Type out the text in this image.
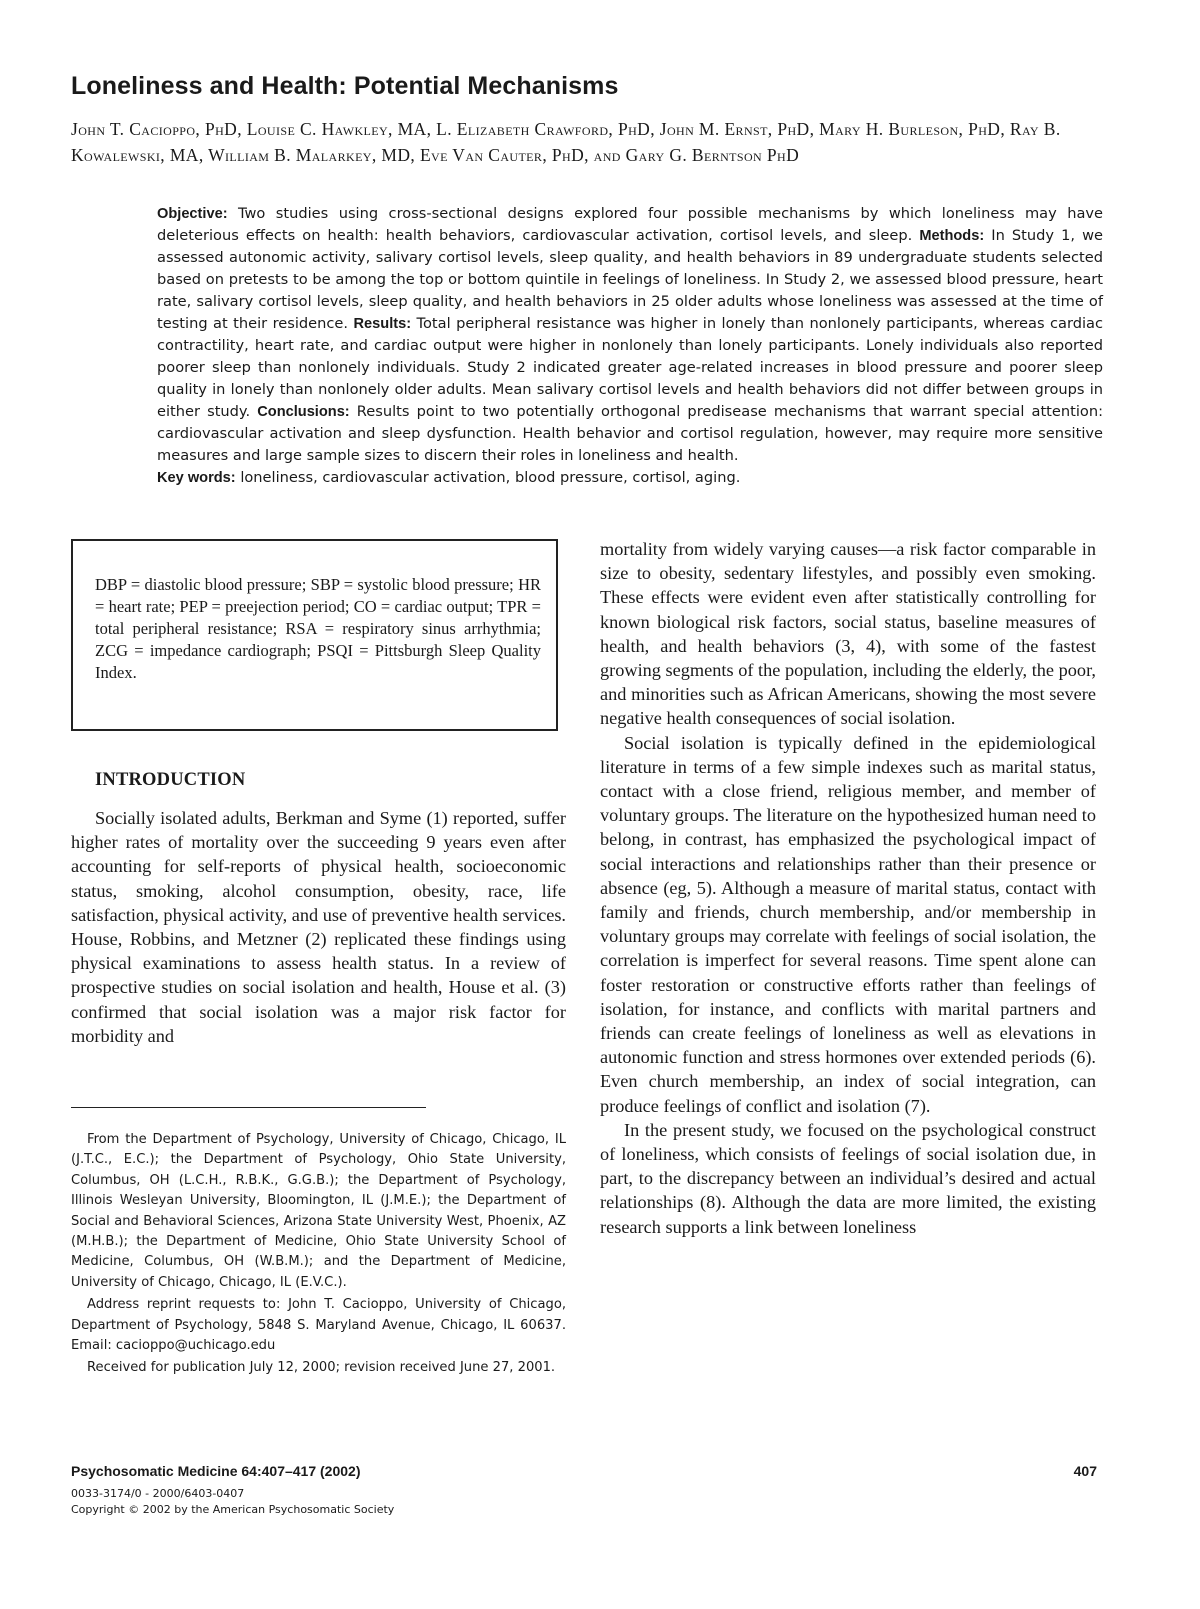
Loneliness and Health: Potential Mechanisms
John T. Cacioppo, PhD, Louise C. Hawkley, MA, L. Elizabeth Crawford, PhD, John M. Ernst, PhD, Mary H. Burleson, PhD, Ray B. Kowalewski, MA, William B. Malarkey, MD, Eve Van Cauter, PhD, and Gary G. Berntson PhD

Objective: Two studies using cross-sectional designs explored four possible mechanisms by which loneliness may have deleterious effects on health: health behaviors, cardiovascular activation, cortisol levels, and sleep. Methods: In Study 1, we assessed autonomic activity, salivary cortisol levels, sleep quality, and health behaviors in 89 undergraduate students selected based on pretests to be among the top or bottom quintile in feelings of loneliness. In Study 2, we assessed blood pressure, heart rate, salivary cortisol levels, sleep quality, and health behaviors in 25 older adults whose loneliness was assessed at the time of testing at their residence. Results: Total peripheral resistance was higher in lonely than nonlonely participants, whereas cardiac contractility, heart rate, and cardiac output were higher in nonlonely than lonely participants. Lonely individuals also reported poorer sleep than nonlonely individuals. Study 2 indicated greater age-related increases in blood pressure and poorer sleep quality in lonely than nonlonely older adults. Mean salivary cortisol levels and health behaviors did not differ between groups in either study. Conclusions: Results point to two potentially orthogonal predisease mechanisms that warrant special attention: cardiovascular activation and sleep dysfunction. Health behavior and cortisol regulation, however, may require more sensitive measures and large sample sizes to discern their roles in loneliness and health.

Key words: loneliness, cardiovascular activation, blood pressure, cortisol, aging.

DBP = diastolic blood pressure; SBP = systolic blood pressure; HR = heart rate; PEP = preejection period; CO = cardiac output; TPR = total peripheral resistance; RSA = respiratory sinus arrhythmia; ZCG = impedance cardiograph; PSQI = Pittsburgh Sleep Quality Index.

INTRODUCTION

Socially isolated adults, Berkman and Syme (1) reported, suffer higher rates of mortality over the succeeding 9 years even after accounting for self-reports of physical health, socioeconomic status, smoking, alcohol consumption, obesity, race, life satisfaction, physical activity, and use of preventive health services. House, Robbins, and Metzner (2) replicated these findings using physical examinations to assess health status. In a review of prospective studies on social isolation and health, House et al. (3) confirmed that social isolation was a major risk factor for morbidity and

From the Department of Psychology, University of Chicago, Chicago, IL (J.T.C., E.C.); the Department of Psychology, Ohio State University, Columbus, OH (L.C.H., R.B.K., G.G.B.); the Department of Psychology, Illinois Wesleyan University, Bloomington, IL (J.M.E.); the Department of Social and Behavioral Sciences, Arizona State University West, Phoenix, AZ (M.H.B.); the Department of Medicine, Ohio State University School of Medicine, Columbus, OH (W.B.M.); and the Department of Medicine, University of Chicago, Chicago, IL (E.V.C.).

Address reprint requests to: John T. Cacioppo, University of Chicago, Department of Psychology, 5848 S. Maryland Avenue, Chicago, IL 60637. Email: cacioppo@uchicago.edu

Received for publication July 12, 2000; revision received June 27, 2001.

mortality from widely varying causes—a risk factor comparable in size to obesity, sedentary lifestyles, and possibly even smoking. These effects were evident even after statistically controlling for known biological risk factors, social status, baseline measures of health, and health behaviors (3, 4), with some of the fastest growing segments of the population, including the elderly, the poor, and minorities such as African Americans, showing the most severe negative health consequences of social isolation.

Social isolation is typically defined in the epidemiological literature in terms of a few simple indexes such as marital status, contact with a close friend, religious member, and member of voluntary groups. The literature on the hypothesized human need to belong, in contrast, has emphasized the psychological impact of social interactions and relationships rather than their presence or absence (eg, 5). Although a measure of marital status, contact with family and friends, church membership, and/or membership in voluntary groups may correlate with feelings of social isolation, the correlation is imperfect for several reasons. Time spent alone can foster restoration or constructive efforts rather than feelings of isolation, for instance, and conflicts with marital partners and friends can create feelings of loneliness as well as elevations in autonomic function and stress hormones over extended periods (6). Even church membership, an index of social integration, can produce feelings of conflict and isolation (7).

In the present study, we focused on the psychological construct of loneliness, which consists of feelings of social isolation due, in part, to the discrepancy between an individual’s desired and actual relationships (8). Although the data are more limited, the existing research supports a link between loneliness

Psychosomatic Medicine 64:407–417 (2002)	407
0033-3174/0 - 2000/6403-0407
Copyright © 2002 by the American Psychosomatic Society
